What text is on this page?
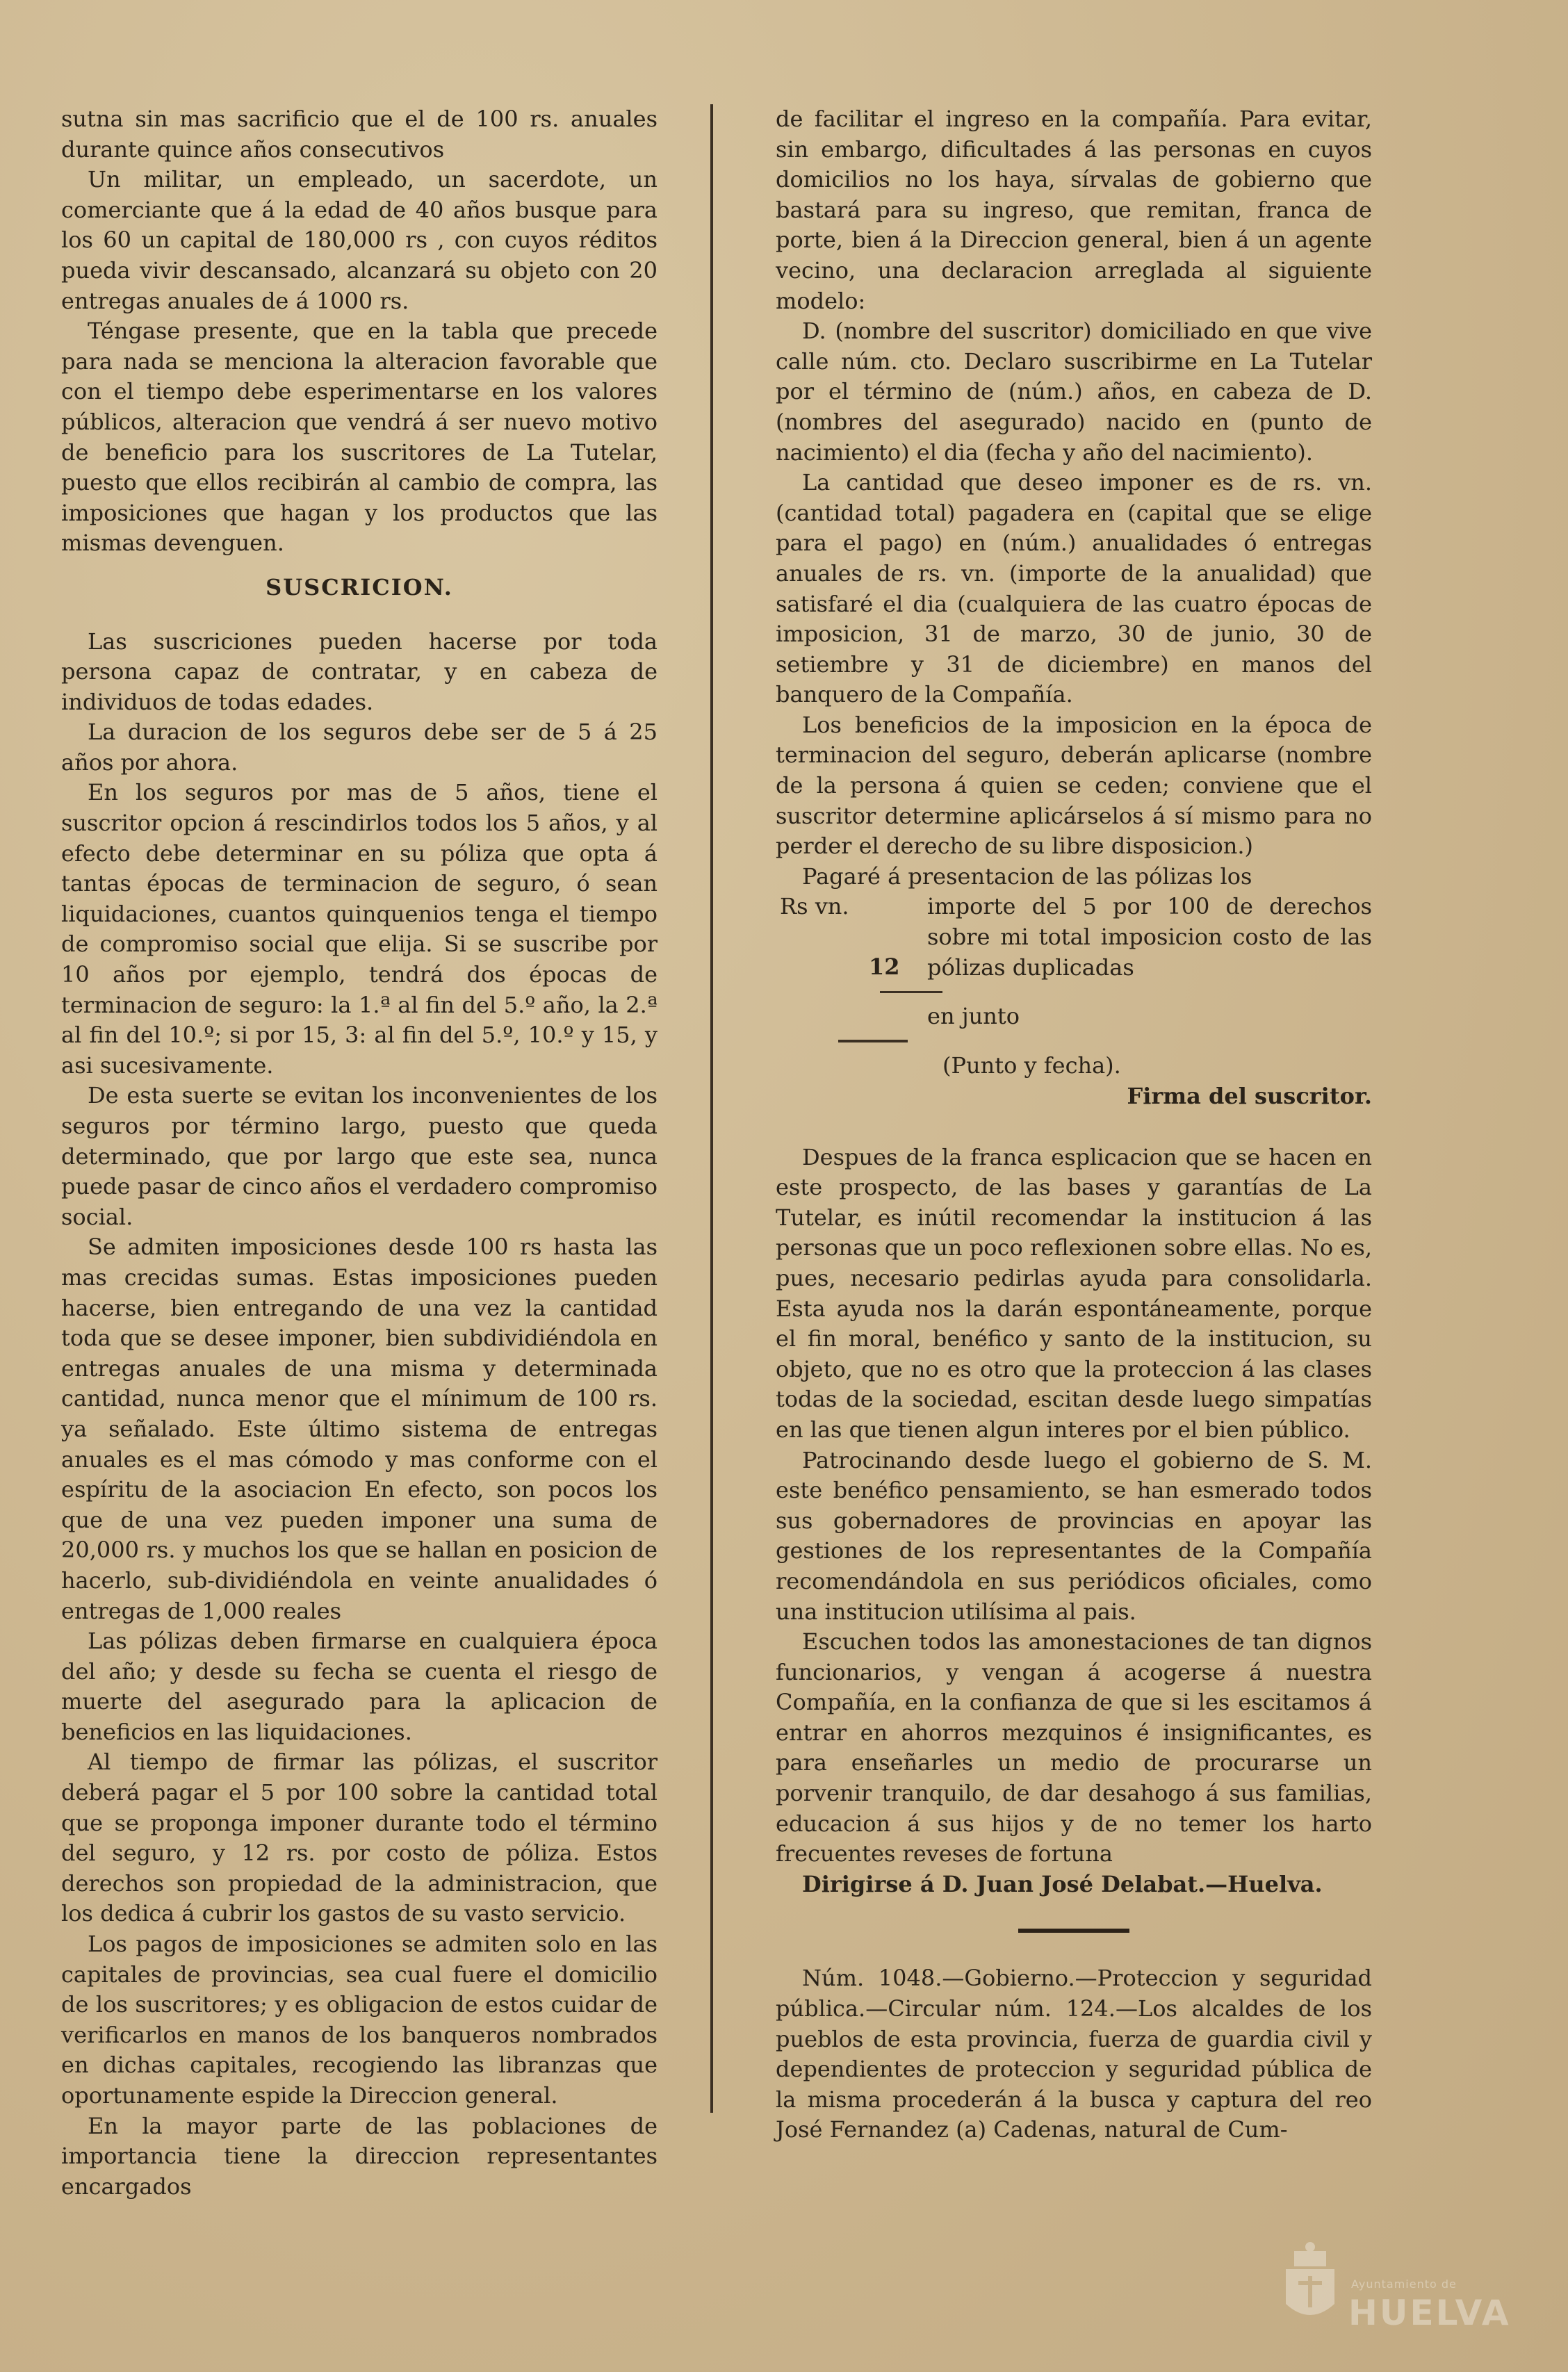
sutna sin mas sacrificio que el de 100 rs. anuales durante quince años consecutivos

Un militar, un empleado, un sacerdote, un comerciante que á la edad de 40 años busque para los 60 un capital de 180,000 rs , con cuyos réditos pueda vivir descansado, alcanzará su objeto con 20 entregas anuales de á 1000 rs.

Téngase presente, que en la tabla que precede para nada se menciona la alteracion favorable que con el tiempo debe esperimentarse en los valores públicos, alteracion que vendrá á ser nuevo motivo de beneficio para los suscritores de La Tutelar, puesto que ellos recibirán al cambio de compra, las imposiciones que hagan y los productos que las mismas devenguen.

SUSCRICION.

Las suscriciones pueden hacerse por toda persona capaz de contratar, y en cabeza de individuos de todas edades.

La duracion de los seguros debe ser de 5 á 25 años por ahora.

En los seguros por mas de 5 años, tiene el suscritor opcion á rescindirlos todos los 5 años, y al efecto debe determinar en su póliza que opta á tantas épocas de terminacion de seguro, ó sean liquidaciones, cuantos quinquenios tenga el tiempo de compromiso social que elija. Si se suscribe por 10 años por ejemplo, tendrá dos épocas de terminacion de seguro: la 1.ª al fin del 5.º año, la 2.ª al fin del 10.º; si por 15, 3: al fin del 5.º, 10.º y 15, y asi sucesivamente.

De esta suerte se evitan los inconvenientes de los seguros por término largo, puesto que queda determinado, que por largo que este sea, nunca puede pasar de cinco años el verdadero compromiso social.

Se admiten imposiciones desde 100 rs hasta las mas crecidas sumas. Estas imposiciones pueden hacerse, bien entregando de una vez la cantidad toda que se desee imponer, bien subdividiéndola en entregas anuales de una misma y determinada cantidad, nunca menor que el mínimum de 100 rs. ya señalado. Este último sistema de entregas anuales es el mas cómodo y mas conforme con el espíritu de la asociacion En efecto, son pocos los que de una vez pueden imponer una suma de 20,000 rs. y muchos los que se hallan en posicion de hacerlo, sub-dividiéndola en veinte anualidades ó entregas de 1,000 reales

Las pólizas deben firmarse en cualquiera época del año; y desde su fecha se cuenta el riesgo de muerte del asegurado para la aplicacion de beneficios en las liquidaciones.

Al tiempo de firmar las pólizas, el suscritor deberá pagar el 5 por 100 sobre la cantidad total que se proponga imponer durante todo el término del seguro, y 12 rs. por costo de póliza. Estos derechos son propiedad de la administracion, que los dedica á cubrir los gastos de su vasto servicio.

Los pagos de imposiciones se admiten solo en las capitales de provincias, sea cual fuere el domicilio de los suscritores; y es obligacion de estos cuidar de verificarlos en manos de los banqueros nombrados en dichas capitales, recogiendo las libranzas que oportunamente espide la Direccion general.

En la mayor parte de las poblaciones de importancia tiene la direccion representantes encargados

de facilitar el ingreso en la compañía. Para evitar, sin embargo, dificultades á las personas en cuyos domicilios no los haya, sírvalas de gobierno que bastará para su ingreso, que remitan, franca de porte, bien á la Direccion general, bien á un agente vecino, una declaracion arreglada al siguiente modelo:

D. (nombre del suscritor) domiciliado en que vive calle núm. cto. Declaro suscribirme en La Tutelar por el término de (núm.) años, en cabeza de D. (nombres del asegurado) nacido en (punto de nacimiento) el dia (fecha y año del nacimiento).

La cantidad que deseo imponer es de rs. vn. (cantidad total) pagadera en (capital que se elige para el pago) en (núm.) anualidades ó entregas anuales de rs. vn. (importe de la anualidad) que satisfaré el dia (cualquiera de las cuatro épocas de imposicion, 31 de marzo, 30 de junio, 30 de setiembre y 31 de diciembre) en manos del banquero de la Compañía.

Los beneficios de la imposicion en la época de terminacion del seguro, deberán aplicarse (nombre de la persona á quien se ceden; conviene que el suscritor determine aplicárselos á sí mismo para no perder el derecho de su libre disposicion.)

Pagaré á presentacion de las pólizas los

Rs vn.	importe del 5 por 100 de derechos sobre mi total imposicion costo de las pólizas duplicadas
12

en junto

(Punto y fecha).

Firma del suscritor.

Despues de la franca esplicacion que se hacen en este prospecto, de las bases y garantías de La Tutelar, es inútil recomendar la institucion á las personas que un poco reflexionen sobre ellas. No es, pues, necesario pedirlas ayuda para consolidarla. Esta ayuda nos la darán espontáneamente, porque el fin moral, benéfico y santo de la institucion, su objeto, que no es otro que la proteccion á las clases todas de la sociedad, escitan desde luego simpatías en las que tienen algun interes por el bien público.

Patrocinando desde luego el gobierno de S. M. este benéfico pensamiento, se han esmerado todos sus gobernadores de provincias en apoyar las gestiones de los representantes de la Compañía recomendándola en sus periódicos oficiales, como una institucion utilísima al pais.

Escuchen todos las amonestaciones de tan dignos funcionarios, y vengan á acogerse á nuestra Compañía, en la confianza de que si les escitamos á entrar en ahorros mezquinos é insignificantes, es para enseñarles un medio de procurarse un porvenir tranquilo, de dar desahogo á sus familias, educacion á sus hijos y de no temer los harto frecuentes reveses de fortuna

Dirigirse á D. Juan José Delabat.—Huelva.

Núm. 1048.—Gobierno.—Proteccion y seguridad pública.—Circular núm. 124.—Los alcaldes de los pueblos de esta provincia, fuerza de guardia civil y dependientes de proteccion y seguridad pública de la misma procederán á la busca y captura del reo José Fernandez (a) Cadenas, natural de Cum-

Ayuntamiento de
HUELVA
